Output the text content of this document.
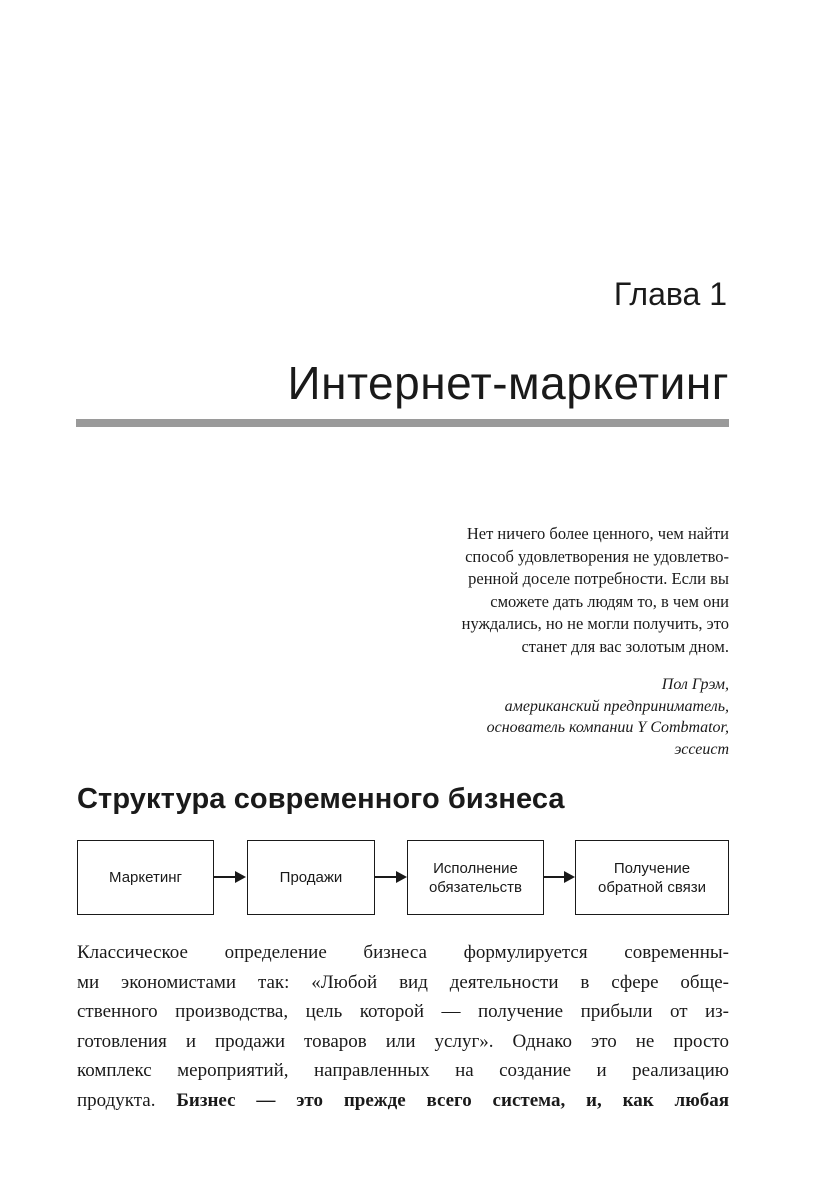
Глава 1
Интернет-маркетинг
Нет ничего более ценного, чем найти
способ удовлетворения не удовлетво-
ренной доселе потребности. Если вы
сможете дать людям то, в чем они
нуждались, но не могли получить, это
станет для вас золотым дном.
Пол Грэм,
американский предприниматель,
основатель компании Y Combmator,
эссеист
Структура современного бизнеса
Маркетинг	Продажи
Исполнение
обязательств
Получение
обратной связи
Классическое определение бизнеса формулируется современны-
ми экономистами так: «Любой вид деятельности в сфере обще-
ственного производства, цель которой — получение прибыли от из-
готовления и продажи товаров или услуг». Однако это не просто
комплекс мероприятий, направленных на создание и реализацию
продукта. Бизнес — это прежде всего система, и, как любая
